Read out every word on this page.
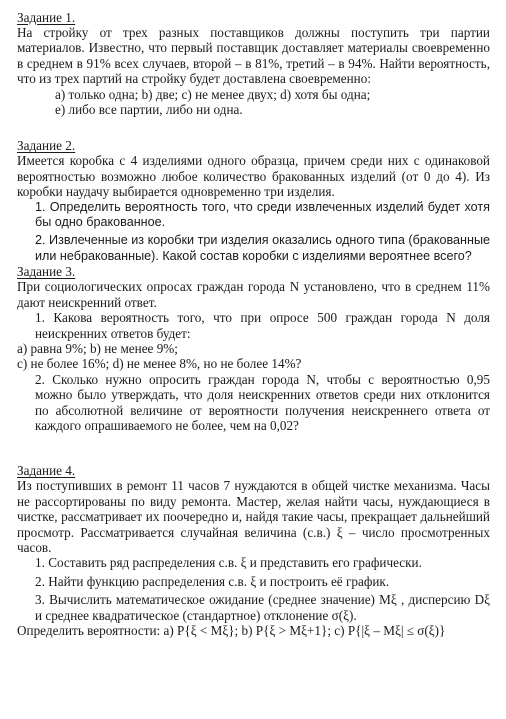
Задание 1.

На стройку от трех разных поставщиков должны поступить три партии материалов. Известно, что первый поставщик доставляет материалы своевременно в среднем в 91% всех случаев, второй – в 81%, третий – в 94%. Найти вероятность, что из трех партий на стройку будет доставлена своевременно:

а) только одна; b) две; c) не менее двух; d) хотя бы одна;
e) либо все партии, либо ни одна.
Задание 2.

Имеется коробка с 4 изделиями одного образца, причем среди них с одинаковой вероятностью возможно любое количество бракованных изделий (от 0 до 4). Из коробки наудачу выбирается одновременно три изделия.

1. Определить вероятность того, что среди извлеченных изделий будет хотя бы одно бракованное.

2. Извлеченные из коробки три изделия оказались одного типа (бракованные или небракованные). Какой состав коробки с изделиями вероятнее всего?

Задание 3.

При социологических опросах граждан города N установлено, что в среднем 11% дают неискренний ответ.

1. Какова вероятность того, что при опросе 500 граждан города N доля неискренних ответов будет:

а) равна 9%; b) не менее 9%;
c) не более 16%; d) не менее 8%, но не более 14%?

2. Сколько нужно опросить граждан города N, чтобы с вероятностью 0,95 можно было утверждать, что доля неискренних ответов среди них отклонится по абсолютной величине от вероятности получения неискреннего ответа от каждого опрашиваемого не более, чем на 0,02?

Задание 4.

Из поступивших в ремонт 11 часов 7 нуждаются в общей чистке механизма. Часы не рассортированы по виду ремонта. Мастер, желая найти часы, нуждающиеся в чистке, рассматривает их поочередно и, найдя такие часы, прекращает дальнейший просмотр. Рассматривается случайная величина (с.в.) ξ – число просмотренных часов.

1. Составить ряд распределения с.в. ξ и представить его графически.

2. Найти функцию распределения с.в. ξ и построить её график.

3. Вычислить математическое ожидание (среднее значение) Mξ , дисперсию Dξ и среднее квадратическое (стандартное) отклонение σ(ξ).

Определить вероятности: a) P{ξ < Mξ}; b) P{ξ > Mξ+1}; c) P{|ξ – Mξ| ≤ σ(ξ)}
